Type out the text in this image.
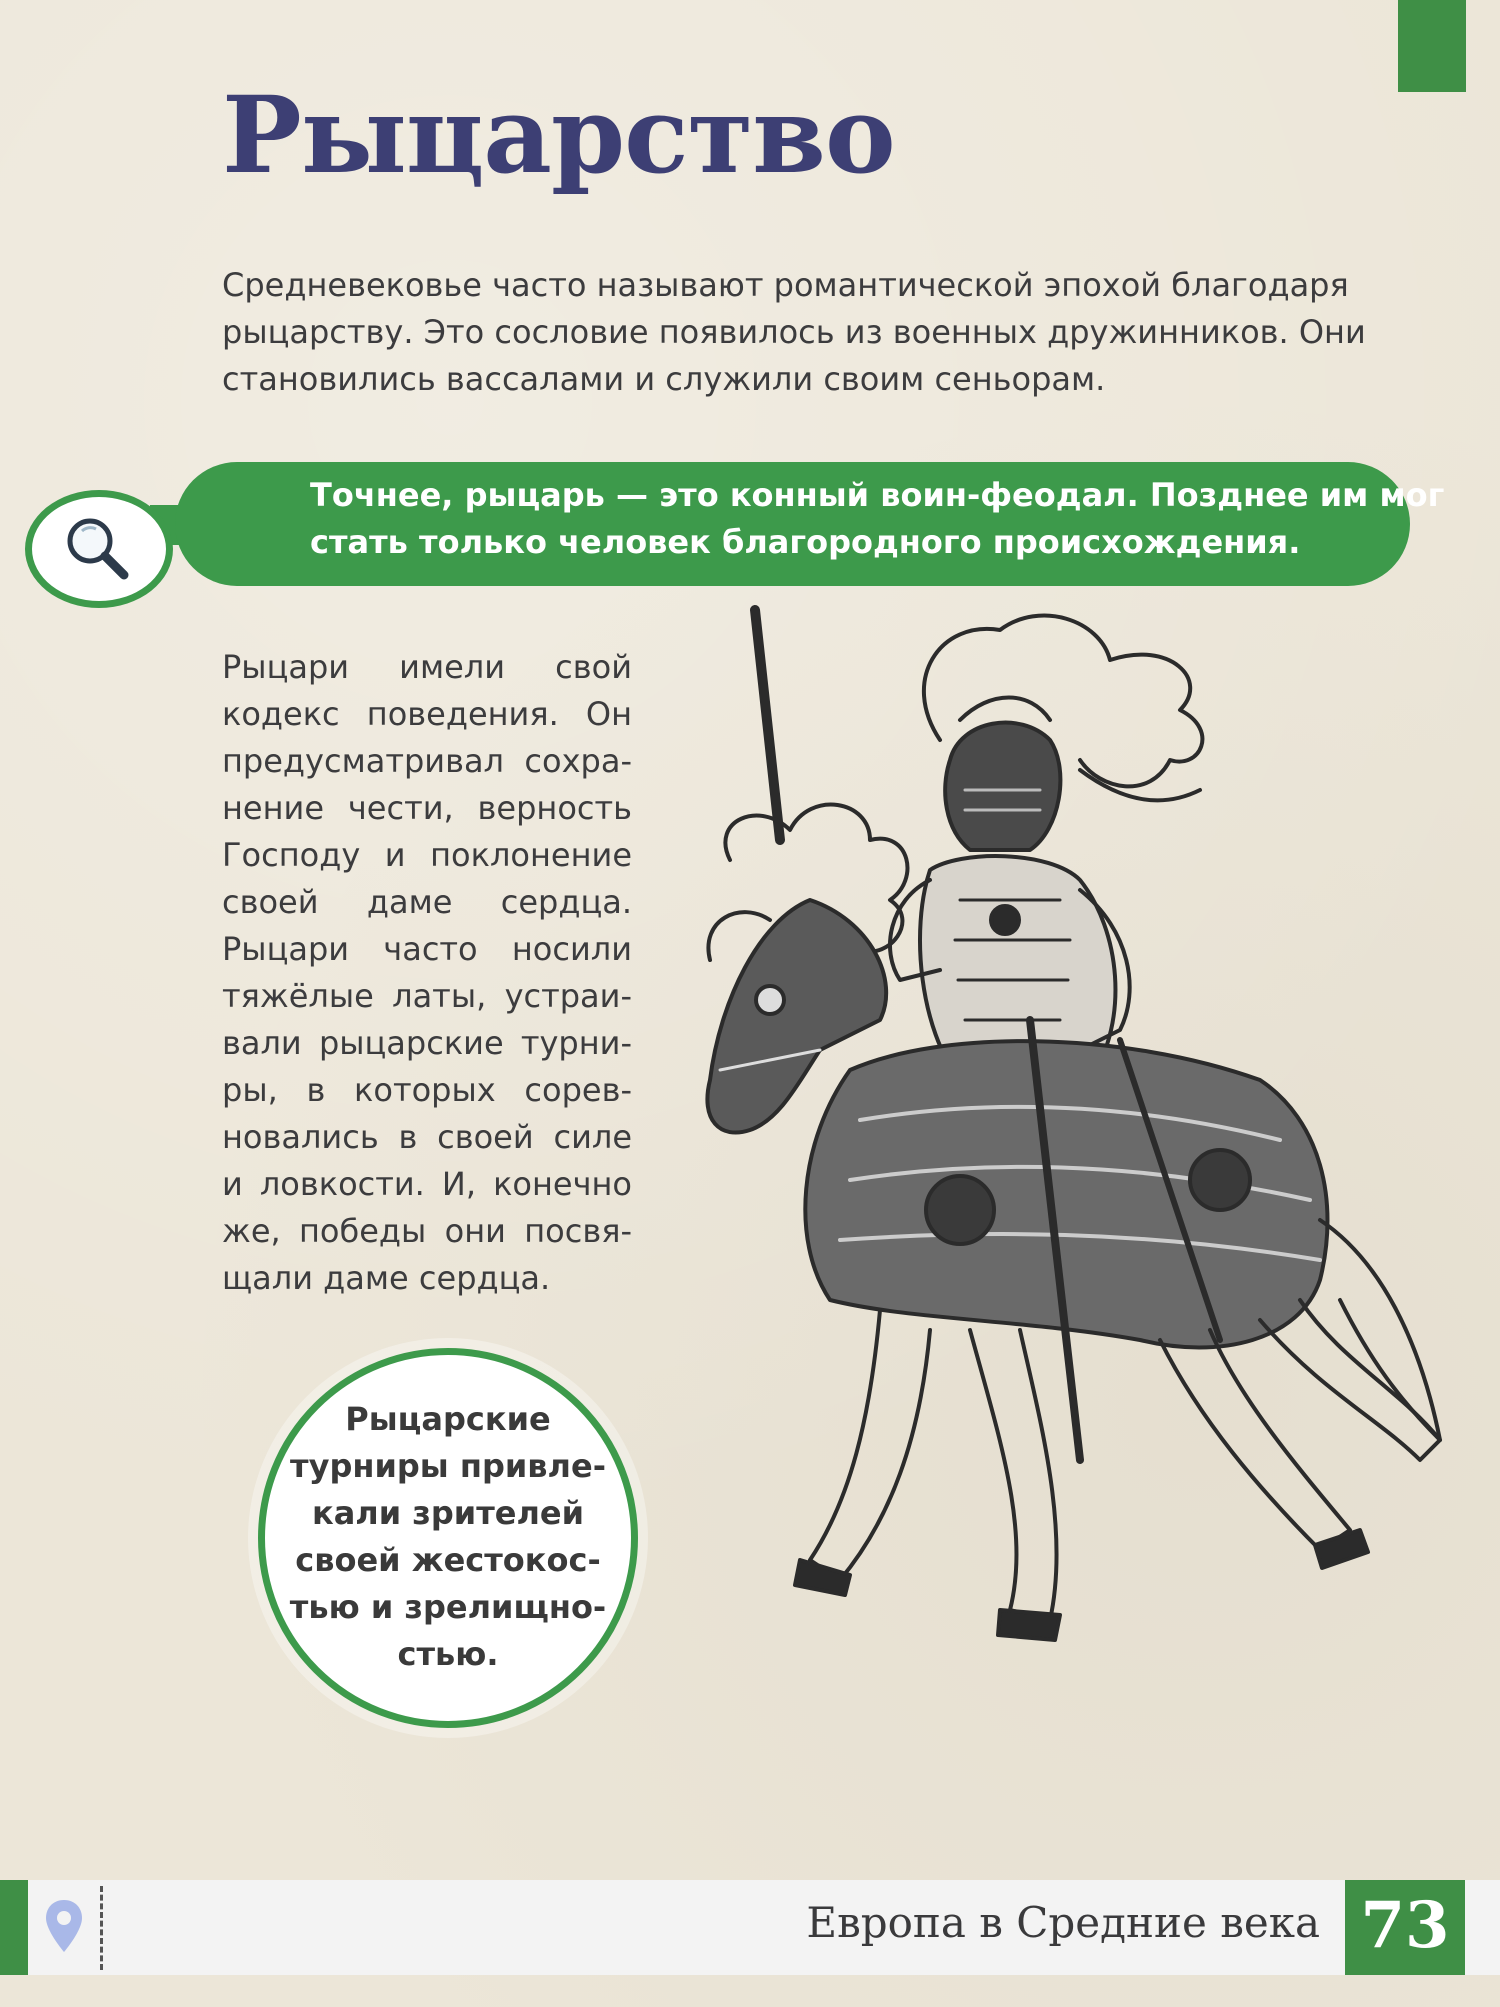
Рыцарство
Средневековье часто называют романтической эпохой благодаря
рыцарству. Это сословие появилось из военных дружинников. Они
становились вассалами и служили своим сеньорам.
Точнее, рыцарь — это конный воин-феодал. Позднее им мог
стать только человек благородного происхождения.
Рыцари имели свой
кодекс поведения. Он
предусматривал сохра-
нение чести, верность
Господу и поклонение
своей даме сердца.
Рыцари часто носили
тяжёлые латы, устраи-
вали рыцарские турни-
ры, в которых сорев-
новались в своей силе
и ловкости. И, конечно
же, победы они посвя-
щали даме сердца.
Рыцарские
турниры привле-
кали зрителей
своей жестокос-
тью и зрелищно-
стью.
Европа в Средние века 73
